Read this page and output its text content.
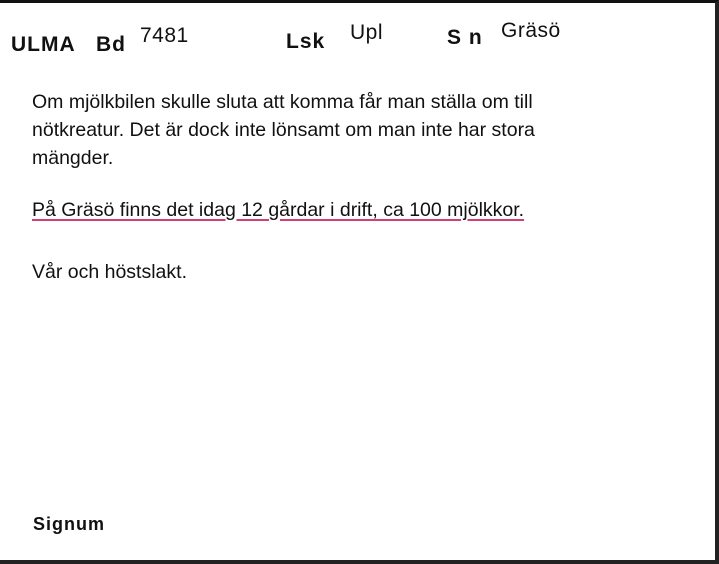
ULMA Bd 7481	Lsk Upl	S n Gräsö
Om mjölkbilen skulle sluta att komma får man ställa om till
nötkreatur. Det är dock inte lönsamt om man inte har stora
mängder.
På Gräsö finns det idag 12 gårdar i drift, ca 100 mjölkkor.
Vår och höstslakt.
Signum
